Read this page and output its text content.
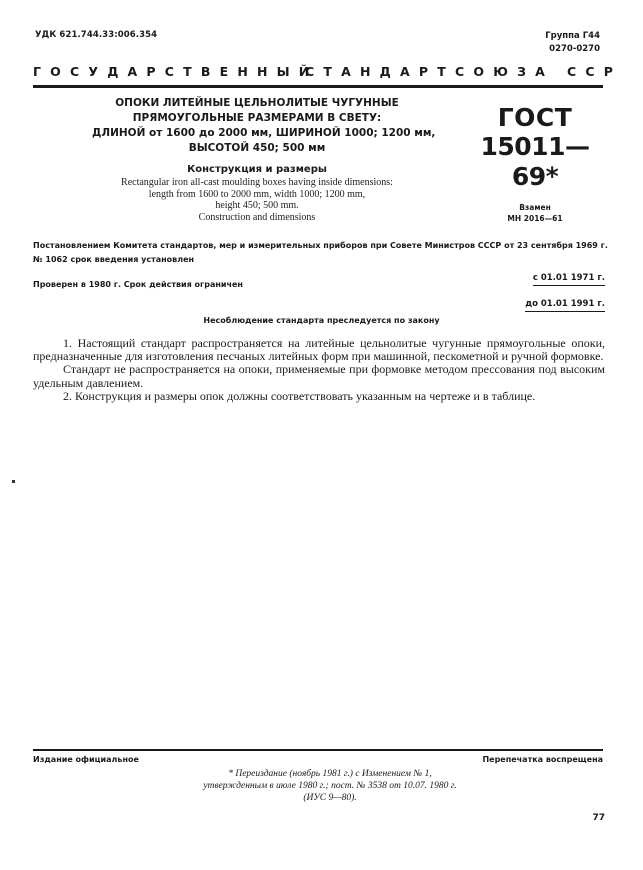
УДК 621.744.33:006.354	Группа Г44
0270-0270
ГОСУДАРСТВЕННЫЙСТАНДАРТСОЮЗА ССР
ОПОКИ ЛИТЕЙНЫЕ ЦЕЛЬНОЛИТЫЕ ЧУГУННЫЕ
ПРЯМОУГОЛЬНЫЕ РАЗМЕРАМИ В СВЕТУ:
ДЛИНОЙ от 1600 до 2000 мм, ШИРИНОЙ 1000; 1200 мм,
ВЫСОТОЙ 450; 500 мм
Конструкция и размеры
Rectangular iron all-cast moulding boxes having inside dimensions:
length from 1600 to 2000 mm, width 1000; 1200 mm,
height 450; 500 mm.
Construction and dimensions
ГОСТ
15011—69*
Взамен
МН 2016—61
Постановлением Комитета стандартов, мер и измерительных приборов при Совете Министров СССР от 23 сентября 1969 г. № 1062 срок введения установлен
с 01.01 1971 г.
Проверен в 1980 г. Срок действия ограничен
до 01.01 1991 г.
Несоблюдение стандарта преследуется по закону

1. Настоящий стандарт распространяется на литейные цельнолитые чугунные прямоугольные опоки, предназначенные для изготовления песчаных литейных форм при машинной, пескометной и ручной формовке.

Стандарт не распространяется на опоки, применяемые при формовке методом прессования под высоким удельным давлением.

2. Конструкция и размеры опок должны соответствовать указанным на чертеже и в таблице.

Издание официальное	Перепечатка воспрещена
* Переиздание (ноябрь 1981 г.) с Изменением № 1,
утвержденным в июле 1980 г.; пост. № 3538 от 10.07. 1980 г.
(ИУС 9—80).
77
